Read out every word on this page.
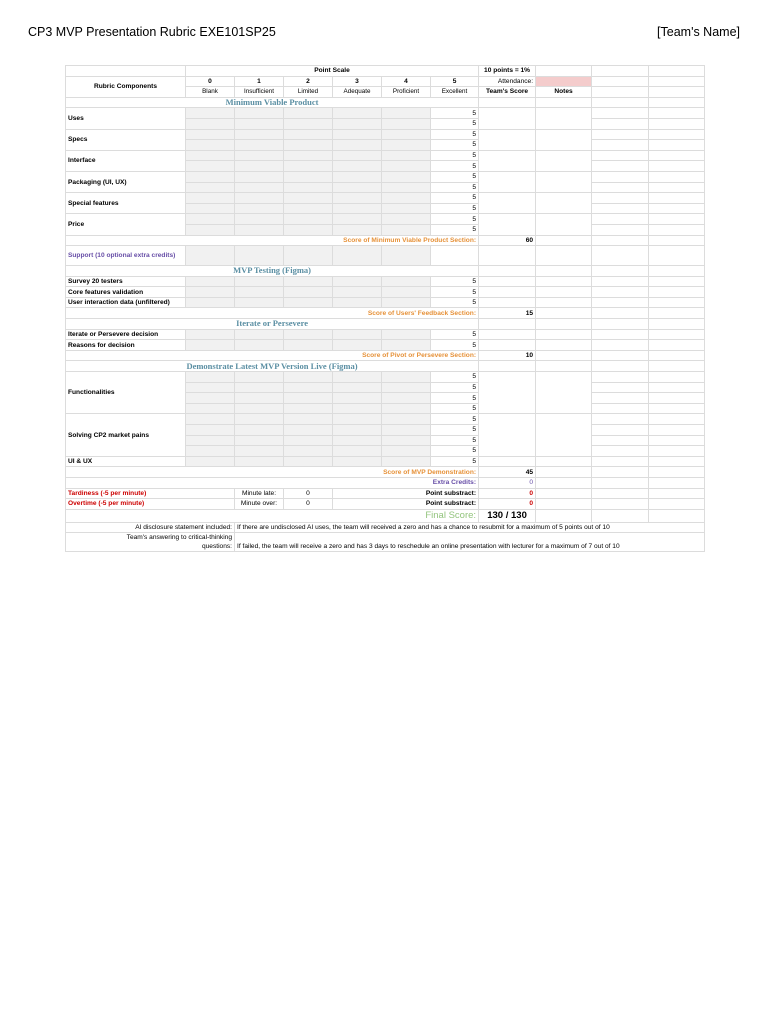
CP3 MVP Presentation Rubric EXE101SP25	[Team's Name]
	Point Scale						10 points = 1%			
Rubric Components	0	1	2	3	4	5	Attendance:			
	Blank	Insufficient	Limited	Adequate	Proficient	Excellent	Team's Score	Notes		
Minimum Viable Product										
Uses						5				
						5				
Specs						5				
						5				
Interface						5				
						5				
Packaging (UI, UX)						5				
						5				
Special features						5				
						5				
Price						5				
						5				
Score of Minimum Viable Product Section:							60			
Support (10 optional extra credits)										
MVP Testing (Figma)										
Survey 20 testers						5				
Core features validation						5				
User interaction data (unfiltered)						5				
Score of Users' Feedback Section:							15			
Iterate or Persevere										
Iterate or Persevere decision						5				
Reasons for decision						5				
Score of Pivot or Persevere Section:							10			
Demonstrate Latest MVP Version Live (Figma)										
Functionalities						5				
						5				
						5				
						5				
Solving CP2 market pains						5				
						5				
						5				
						5				
UI & UX						5				
Score of MVP Demonstration:							45			
Extra Credits:							0			
Tardiness (-5 per minute)		Minute late:	0	Point substract:			0			
Overtime (-5 per minute)		Minute over:	0	Point substract:			0			
Final Score:							130 / 130			
AI disclosure statement included:		If there are undisclosed AI uses, the team will received a zero and has a chance to resubmit for a maximum of 5 points out of 10								
Team's answering to critical-thinking questions:		If failed, the team will receive a zero and has 3 days to reschedule an online presentation with lecturer for a maximum of 7 out of 10								
